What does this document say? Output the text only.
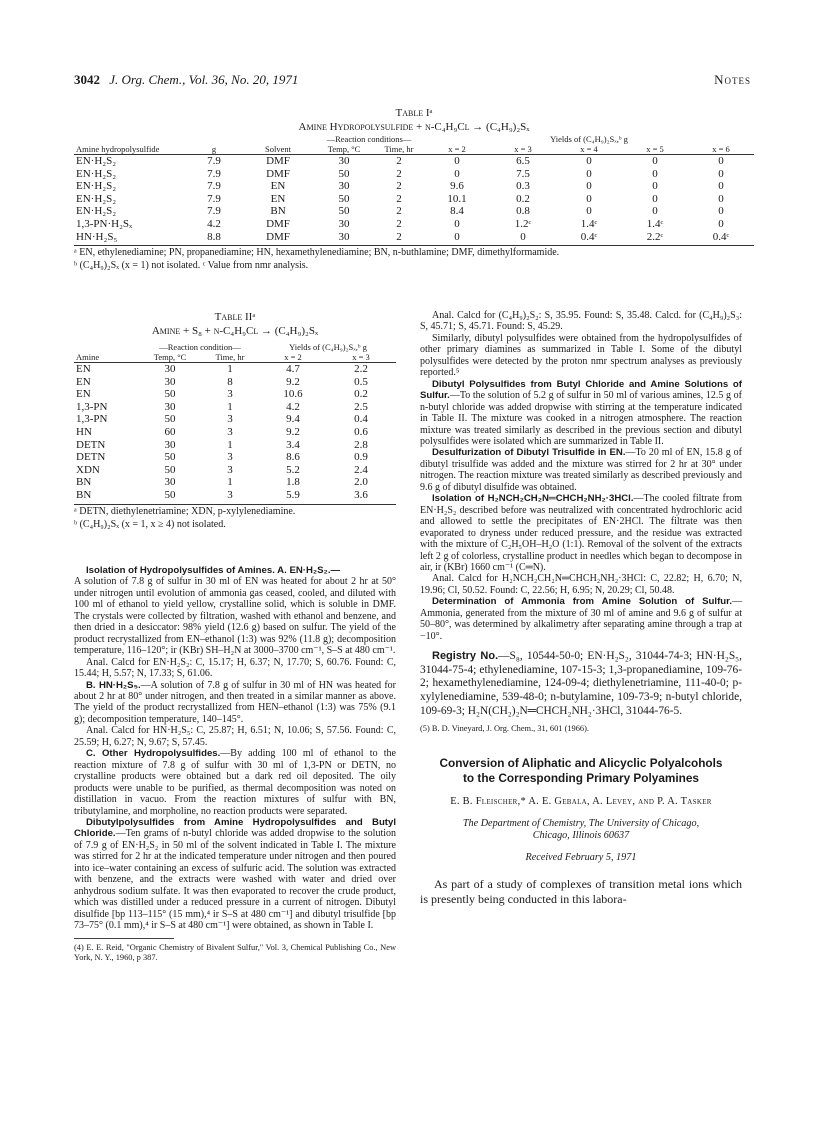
3042 J. Org. Chem., Vol. 36, No. 20, 1971	Notes
Table Iᵃ
Amine Hydropolysulfide + n-C₄H₉Cl → (C₄H₉)₂Sₓ
			—Reaction conditions—		Yields of (C₄H₉)₂Sₓ,ᵇ g				
Amine hydropolysulfide	g	Solvent	Temp, °C	Time, hr	x = 2	x = 3	x = 4	x = 5	x = 6
EN·H₂S₂	7.9	DMF	30	2	0	6.5	0	0	0
EN·H₂S₂	7.9	DMF	50	2	0	7.5	0	0	0
EN·H₂S₂	7.9	EN	30	2	9.6	0.3	0	0	0
EN·H₂S₂	7.9	EN	50	2	10.1	0.2	0	0	0
EN·H₂S₂	7.9	BN	50	2	8.4	0.8	0	0	0
1,3-PN·H₂Sₓ	4.2	DMF	30	2	0	1.2ᶜ	1.4ᶜ	1.4ᶜ	0
HN·H₂S₅	8.8	DMF	30	2	0	0	0.4ᶜ	2.2ᶜ	0.4ᶜ
ᵃ EN, ethylenediamine; PN, propanediamine; HN, hexamethylenediamine; BN, n-buthlamine; DMF, dimethylformamide.
ᵇ (C₄H₉)₂Sₓ (x = 1) not isolated. ᶜ Value from nmr analysis.
Table IIᵃ
Amine + S₈ + n-C₄H₉Cl → (C₄H₉)₂Sₓ
	—Reaction condition—		Yields of (C₄H₉)₂Sₓ,ᵇ g	
Amine	Temp, °C	Time, hr	x = 2	x = 3
EN	30	1	4.7	2.2
EN	30	8	9.2	0.5
EN	50	3	10.6	0.2
1,3-PN	30	1	4.2	2.5
1,3-PN	50	3	9.4	0.4
HN	60	3	9.2	0.6
DETN	30	1	3.4	2.8
DETN	50	3	8.6	0.9
XDN	50	3	5.2	2.4
BN	30	1	1.8	2.0
BN	50	3	5.9	3.6
ᵃ DETN, diethylenetriamine; XDN, p-xylylenediamine.
ᵇ (C₄H₉)₂Sₓ (x = 1, x ≥ 4) not isolated.

Isolation of Hydropolysulfides of Amines. A. EN·H₂S₂.—
A solution of 7.8 g of sulfur in 30 ml of EN was heated for about 2 hr at 50° under nitrogen until evolution of ammonia gas ceased, cooled, and diluted with 100 ml of ethanol to yield yellow, crystalline solid, which is soluble in DMF. The crystals were collected by filtration, washed with ethanol and benzene, and then dried in a desiccator: 98% yield (12.6 g) based on sulfur. The yield of the product recrystallized from EN–ethanol (1:3) was 92% (11.8 g); decomposition temperature, 116–120°; ir (KBr) SH–H₂N at 3000–3700 cm⁻¹, S–S at 480 cm⁻¹.

Anal. Calcd for EN·H₂S₂: C, 15.17; H, 6.37; N, 17.70; S, 60.76. Found: C, 15.44; H, 5.57; N, 17.33; S, 61.06.

B. HN·H₂S₅.—A solution of 7.8 g of sulfur in 30 ml of HN was heated for about 2 hr at 80° under nitrogen, and then treated in a similar manner as above. The yield of the product recrystallized from HEN–ethanol (1:3) was 75% (9.1 g); decomposition temperature, 140–145°.

Anal. Calcd for HN·H₂S₅: C, 25.87; H, 6.51; N, 10.06; S, 57.56. Found: C, 25.59; H, 6.27; N, 9.67; S, 57.45.

C. Other Hydropolysulfides.—By adding 100 ml of ethanol to the reaction mixture of 7.8 g of sulfur with 30 ml of 1,3-PN or DETN, no crystalline products were obtained but a dark red oil deposited. The oily products were unable to be purified, as thermal decomposition was noted on distillation in vacuo. From the reaction mixtures of sulfur with BN, tributylamine, and morpholine, no reaction products were separated.

Dibutylpolysulfides from Amine Hydropolysulfides and Butyl Chloride.—Ten grams of n-butyl chloride was added dropwise to the solution of 7.9 g of EN·H₂S₂ in 50 ml of the solvent indicated in Table I. The mixture was stirred for 2 hr at the indicated temperature under nitrogen and then poured into ice–water containing an excess of sulfuric acid. The solution was extracted with benzene, and the extracts were washed with water and dried over anhydrous sodium sulfate. It was then evaporated to recover the crude product, which was distilled under a reduced pressure in a current of nitrogen. Dibutyl disulfide [bp 113–115° (15 mm),⁴ ir S–S at 480 cm⁻¹] and dibutyl trisulfide [bp 73–75° (0.1 mm),⁴ ir S–S at 480 cm⁻¹] were obtained, as shown in Table I.

(4) E. E. Reid, "Organic Chemistry of Bivalent Sulfur," Vol. 3, Chemical Publishing Co., New York, N. Y., 1960, p 387.

Anal. Calcd for (C₄H₉)₂S₂: S, 35.95. Found: S, 35.48. Calcd. for (C₄H₉)₂S₃: S, 45.71; S, 45.71. Found: S, 45.29.

Similarly, dibutyl polysulfides were obtained from the hydropolysulfides of other primary diamines as summarized in Table I. Some of the dibutyl polysulfides were detected by the proton nmr spectrum analyses as previously reported.⁵

Dibutyl Polysulfides from Butyl Chloride and Amine Solutions of Sulfur.—To the solution of 5.2 g of sulfur in 50 ml of various amines, 12.5 g of n-butyl chloride was added dropwise with stirring at the temperature indicated in Table II. The mixture was cooked in a nitrogen atmosphere. The reaction mixture was treated similarly as described in the previous section and dibutyl polysulfides were isolated which are summarized in Table II.

Desulfurization of Dibutyl Trisulfide in EN.—To 20 ml of EN, 15.8 g of dibutyl trisulfide was added and the mixture was stirred for 2 hr at 30° under nitrogen. The reaction mixture was treated similarly as described previously and 9.6 g of dibutyl disulfide was obtained.

Isolation of H₂NCH₂CH₂N═CHCH₂NH₂·3HCl.—The cooled filtrate from EN·H₂S₂ described before was neutralized with concentrated hydrochloric acid and allowed to settle the precipitates of EN·2HCl. The filtrate was then evaporated to dryness under reduced pressure, and the residue was extracted with the mixture of C₂H₅OH–H₂O (1:1). Removal of the solvent of the extracts left 2 g of colorless, crystalline product in needles which began to decompose in air, ir (KBr) 1660 cm⁻¹ (C═N).

Anal. Calcd for H₂NCH₂CH₂N═CHCH₂NH₂·3HCl: C, 22.82; H, 6.70; N, 19.96; Cl, 50.52. Found: C, 22.56; H, 6.95; N, 20.29; Cl, 50.48.

Determination of Ammonia from Amine Solution of Sulfur.—Ammonia, generated from the mixture of 30 ml of amine and 9.6 g of sulfur at 50–80°, was determined by alkalimetry after separating amine through a trap at −10°.

Registry No.—S₈, 10544-50-0; EN·H₂S₂, 31044-74-3; HN·H₂S₅, 31044-75-4; ethylenediamine, 107-15-3; 1,3-propanediamine, 109-76-2; hexamethylenediamine, 124-09-4; diethylenetriamine, 111-40-0; p-xylylenediamine, 539-48-0; n-butylamine, 109-73-9; n-butyl chloride, 109-69-3; H₂N(CH₂)₂N═CHCH₂NH₂·3HCl, 31044-76-5.

(5) B. D. Vineyard, J. Org. Chem., 31, 601 (1966).
Conversion of Aliphatic and Alicyclic Polyalcohols
to the Corresponding Primary Polyamines
E. B. Fleischer,* A. E. Gebala, A. Levey, and P. A. Tasker
The Department of Chemistry, The University of Chicago,
Chicago, Illinois 60637
Received February 5, 1971

As part of a study of complexes of transition metal ions which is presently being conducted in this labora-
